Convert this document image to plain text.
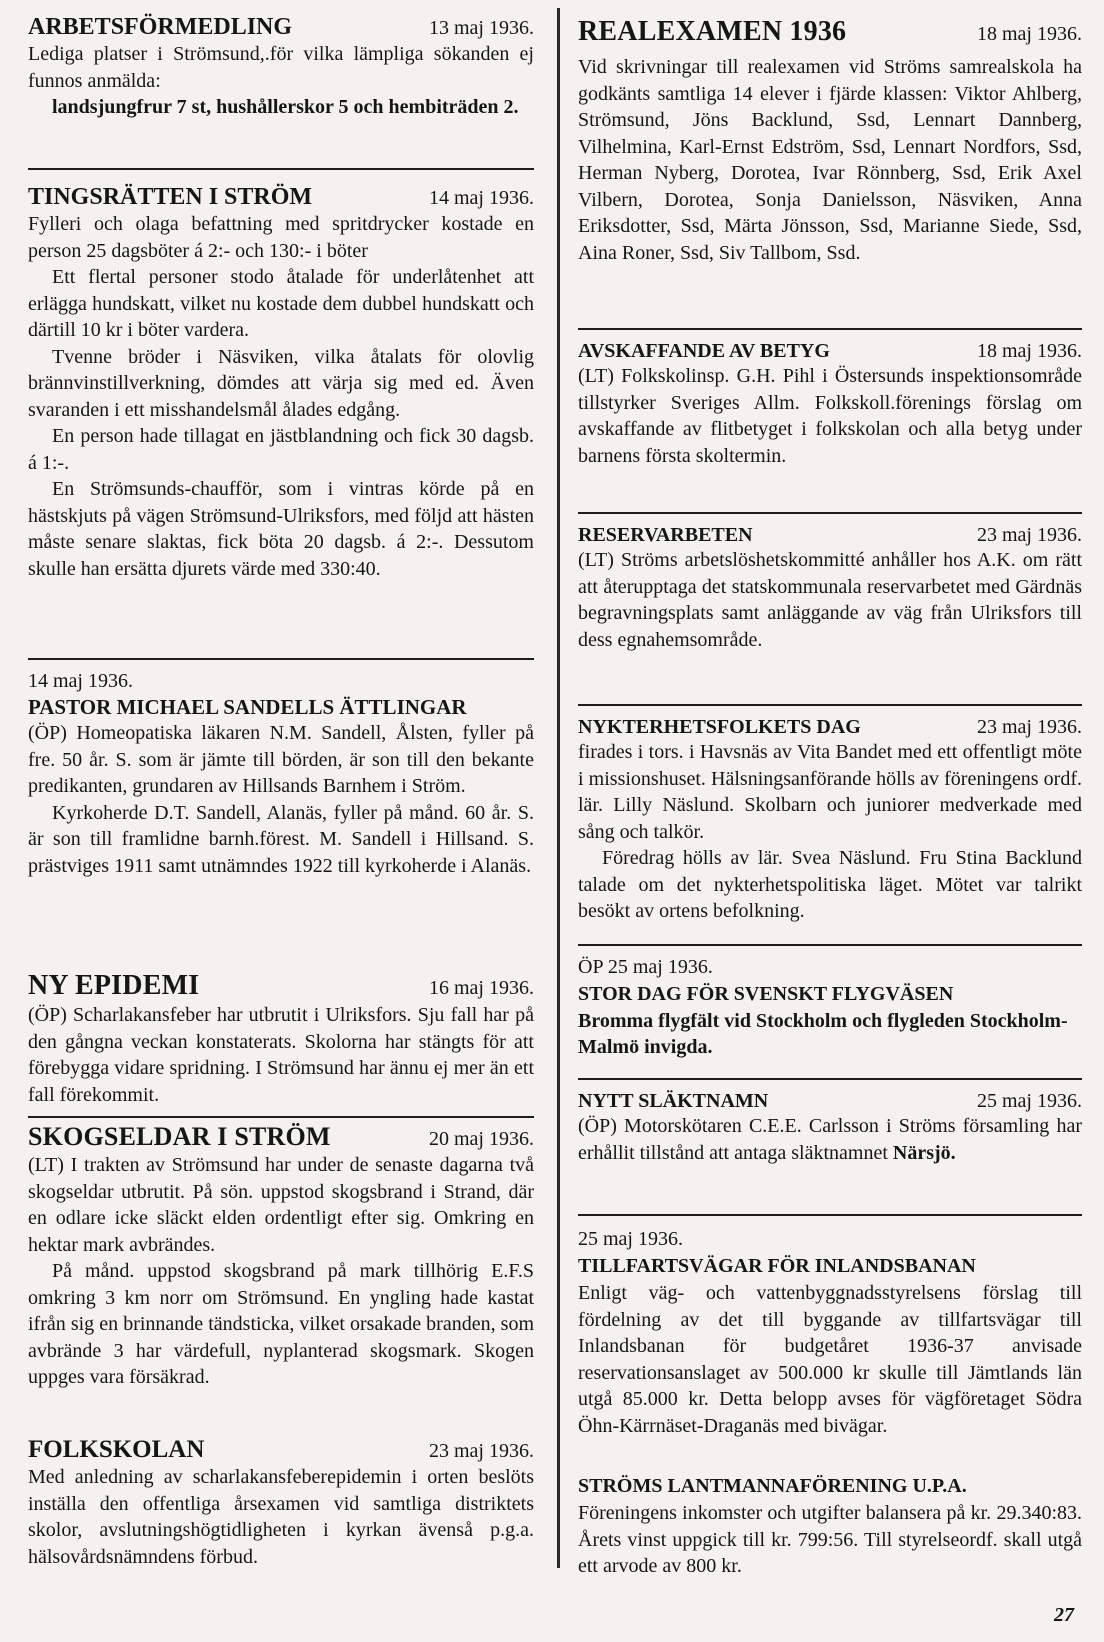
ARBETSFÖRMEDLING	13 maj 1936.

Lediga platser i Strömsund,.för vilka lämpliga sökanden ej funnos anmälda:

landsjungfrur 7 st, hushållerskor 5 och hembiträden 2.

TINGSRÄTTEN I STRÖM	14 maj 1936.

Fylleri och olaga befattning med spritdrycker kostade en person 25 dagsböter á 2:- och 130:- i böter

Ett flertal personer stodo åtalade för underlåtenhet att erlägga hundskatt, vilket nu kostade dem dubbel hundskatt och därtill 10 kr i böter vardera.

Tvenne bröder i Näsviken, vilka åtalats för olovlig brännvinstillverkning, dömdes att värja sig med ed. Även svaranden i ett misshandelsmål ålades edgång.

En person hade tillagat en jästblandning och fick 30 dagsb. á 1:-.

En Strömsunds-chaufför, som i vintras körde på en hästskjuts på vägen Strömsund-Ulriksfors, med följd att hästen måste senare slaktas, fick böta 20 dagsb. á 2:-. Dessutom skulle han ersätta djurets värde med 330:40.

14 maj 1936.
PASTOR MICHAEL SANDELLS ÄTTLINGAR

(ÖP) Homeopatiska läkaren N.M. Sandell, Ålsten, fyller på fre. 50 år. S. som är jämte till börden, är son till den bekante predikanten, grundaren av Hillsands Barnhem i Ström.

Kyrkoherde D.T. Sandell, Alanäs, fyller på månd. 60 år. S. är son till framlidne barnh.förest. M. Sandell i Hillsand. S. prästviges 1911 samt utnämndes 1922 till kyrkoherde i Alanäs.

NY EPIDEMI	16 maj 1936.

(ÖP) Scharlakansfeber har utbrutit i Ulriksfors. Sju fall har på den gångna veckan konstaterats. Skolorna har stängts för att förebygga vidare spridning. I Strömsund har ännu ej mer än ett fall förekommit.

SKOGSELDAR I STRÖM	20 maj 1936.

(LT) I trakten av Strömsund har under de senaste dagarna två skogseldar utbrutit. På sön. uppstod skogsbrand i Strand, där en odlare icke släckt elden ordentligt efter sig. Omkring en hektar mark avbrändes.

På månd. uppstod skogsbrand på mark tillhörig E.F.S omkring 3 km norr om Strömsund. En yngling hade kastat ifrån sig en brinnande tändsticka, vilket orsakade branden, som avbrände 3 har värdefull, nyplanterad skogsmark. Skogen uppges vara försäkrad.

FOLKSKOLAN	23 maj 1936.

Med anledning av scharlakansfeberepidemin i orten beslöts inställa den offentliga årsexamen vid samtliga distriktets skolor, avslutningshögtidligheten i kyrkan ävenså p.g.a. hälsovårdsnämndens förbud.

REALEXAMEN 1936	18 maj 1936.

Vid skrivningar till realexamen vid Ströms samrealskola ha godkänts samtliga 14 elever i fjärde klassen: Viktor Ahlberg, Strömsund, Jöns Backlund, Ssd, Lennart Dannberg, Vilhelmina, Karl-Ernst Edström, Ssd, Lennart Nordfors, Ssd, Herman Nyberg, Dorotea, Ivar Rönnberg, Ssd, Erik Axel Vilbern, Dorotea, Sonja Danielsson, Näsviken, Anna Eriksdotter, Ssd, Märta Jönsson, Ssd, Marianne Siede, Ssd, Aina Roner, Ssd, Siv Tallbom, Ssd.

AVSKAFFANDE AV BETYG	18 maj 1936.

(LT) Folkskolinsp. G.H. Pihl i Östersunds inspektionsområde tillstyrker Sveriges Allm. Folkskoll.förenings förslag om avskaffande av flitbetyget i folkskolan och alla betyg under barnens första skoltermin.

RESERVARBETEN	23 maj 1936.

(LT) Ströms arbetslöshetskommitté anhåller hos A.K. om rätt att återupptaga det statskommunala reservarbetet med Gärdnäs begravningsplats samt anläggande av väg från Ulriksfors till dess egnahemsområde.

NYKTERHETSFOLKETS DAG	23 maj 1936.

firades i tors. i Havsnäs av Vita Bandet med ett offentligt möte i missionshuset. Hälsningsanförande hölls av föreningens ordf. lär. Lilly Näslund. Skolbarn och juniorer medverkade med sång och talkör.

Föredrag hölls av lär. Svea Näslund. Fru Stina Backlund talade om det nykterhetspolitiska läget. Mötet var talrikt besökt av ortens befolkning.

ÖP 25 maj 1936.
STOR DAG FÖR SVENSKT FLYGVÄSEN
Bromma flygfält vid Stockholm och flygleden Stockholm-Malmö invigda.
NYTT SLÄKTNAMN	25 maj 1936.

(ÖP) Motorskötaren C.E.E. Carlsson i Ströms församling har erhållit tillstånd att antaga släktnamnet Närsjö.

25 maj 1936.
TILLFARTSVÄGAR FÖR INLANDSBANAN

Enligt väg- och vattenbyggnadsstyrelsens förslag till fördelning av det till byggande av tillfartsvägar till Inlandsbanan för budgetåret 1936-37 anvisade reservationsanslaget av 500.000 kr skulle till Jämtlands län utgå 85.000 kr. Detta belopp avses för vägföretaget Södra Öhn-Kärrnäset-Draganäs med bivägar.

STRÖMS LANTMANNAFÖRENING U.P.A.

Föreningens inkomster och utgifter balansera på kr. 29.340:83. Årets vinst uppgick till kr. 799:56. Till styrelseordf. skall utgå ett arvode av 800 kr.

27
